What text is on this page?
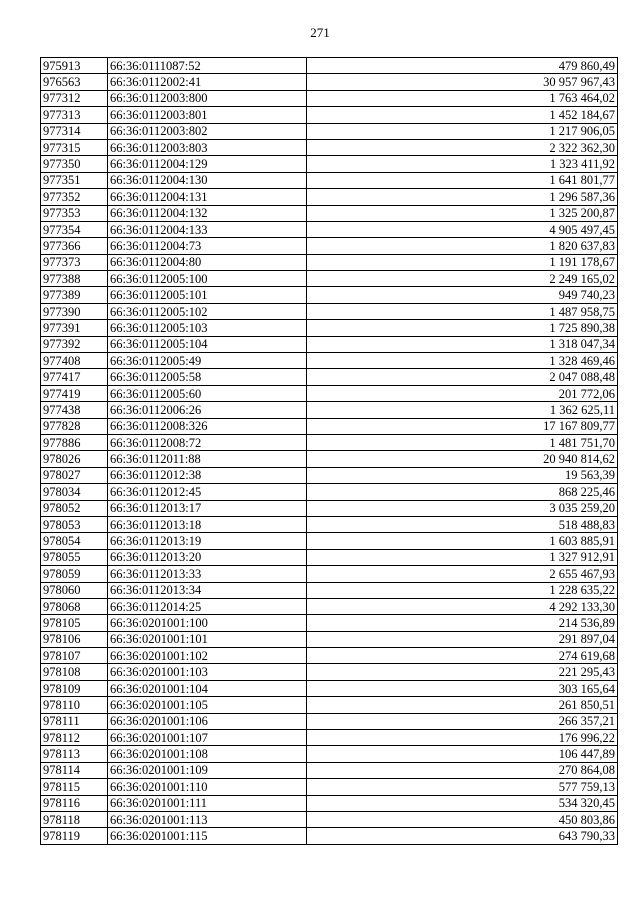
271
975913	66:36:0111087:52	479 860,49
976563	66:36:0112002:41	30 957 967,43
977312	66:36:0112003:800	1 763 464,02
977313	66:36:0112003:801	1 452 184,67
977314	66:36:0112003:802	1 217 906,05
977315	66:36:0112003:803	2 322 362,30
977350	66:36:0112004:129	1 323 411,92
977351	66:36:0112004:130	1 641 801,77
977352	66:36:0112004:131	1 296 587,36
977353	66:36:0112004:132	1 325 200,87
977354	66:36:0112004:133	4 905 497,45
977366	66:36:0112004:73	1 820 637,83
977373	66:36:0112004:80	1 191 178,67
977388	66:36:0112005:100	2 249 165,02
977389	66:36:0112005:101	949 740,23
977390	66:36:0112005:102	1 487 958,75
977391	66:36:0112005:103	1 725 890,38
977392	66:36:0112005:104	1 318 047,34
977408	66:36:0112005:49	1 328 469,46
977417	66:36:0112005:58	2 047 088,48
977419	66:36:0112005:60	201 772,06
977438	66:36:0112006:26	1 362 625,11
977828	66:36:0112008:326	17 167 809,77
977886	66:36:0112008:72	1 481 751,70
978026	66:36:0112011:88	20 940 814,62
978027	66:36:0112012:38	19 563,39
978034	66:36:0112012:45	868 225,46
978052	66:36:0112013:17	3 035 259,20
978053	66:36:0112013:18	518 488,83
978054	66:36:0112013:19	1 603 885,91
978055	66:36:0112013:20	1 327 912,91
978059	66:36:0112013:33	2 655 467,93
978060	66:36:0112013:34	1 228 635,22
978068	66:36:0112014:25	4 292 133,30
978105	66:36:0201001:100	214 536,89
978106	66:36:0201001:101	291 897,04
978107	66:36:0201001:102	274 619,68
978108	66:36:0201001:103	221 295,43
978109	66:36:0201001:104	303 165,64
978110	66:36:0201001:105	261 850,51
978111	66:36:0201001:106	266 357,21
978112	66:36:0201001:107	176 996,22
978113	66:36:0201001:108	106 447,89
978114	66:36:0201001:109	270 864,08
978115	66:36:0201001:110	577 759,13
978116	66:36:0201001:111	534 320,45
978118	66:36:0201001:113	450 803,86
978119	66:36:0201001:115	643 790,33
